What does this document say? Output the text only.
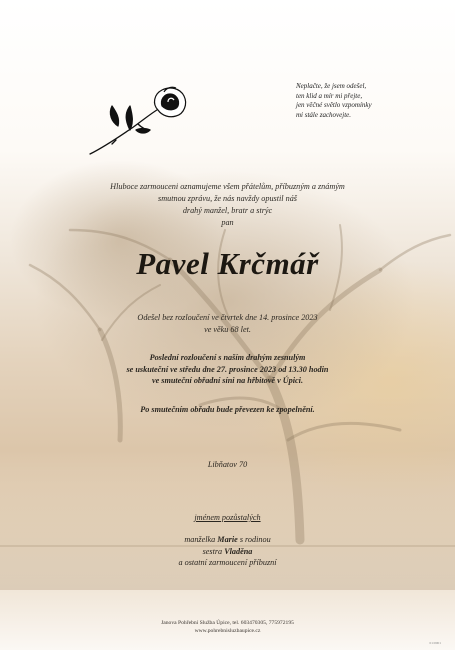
Neplačte, že jsem odešel,
ten klid a mír mi přejte,
jen věčné světlo vzpomínky
mi stále zachovejte.
Hluboce zarmouceni oznamujeme všem přátelům, příbuzným a známým
smutnou zprávu, že nás navždy opustil náš
drahý manžel, bratr a strýc
pan
Pavel Krčmář
Odešel bez rozloučení ve čtvrtek dne 14. prosince 2023
ve věku 68 let.
Poslední rozloučení s naším drahým zesnulým
se uskuteční ve středu dne 27. prosince 2023 od 13.30 hodin
ve smuteční obřadní síni na hřbitově v Úpici.
Po smutečním obřadu bude převezen ke zpopelnění.
Libňatov 70
jménem pozůstalých
manželka Marie s rodinou
sestra Vladěna
a ostatní zarmoucení příbuzní
Janova Pohřební Služba Úpice, tel. 603470305, 775972195
www.pohrebnisluzbaupice.cz
01/0001
